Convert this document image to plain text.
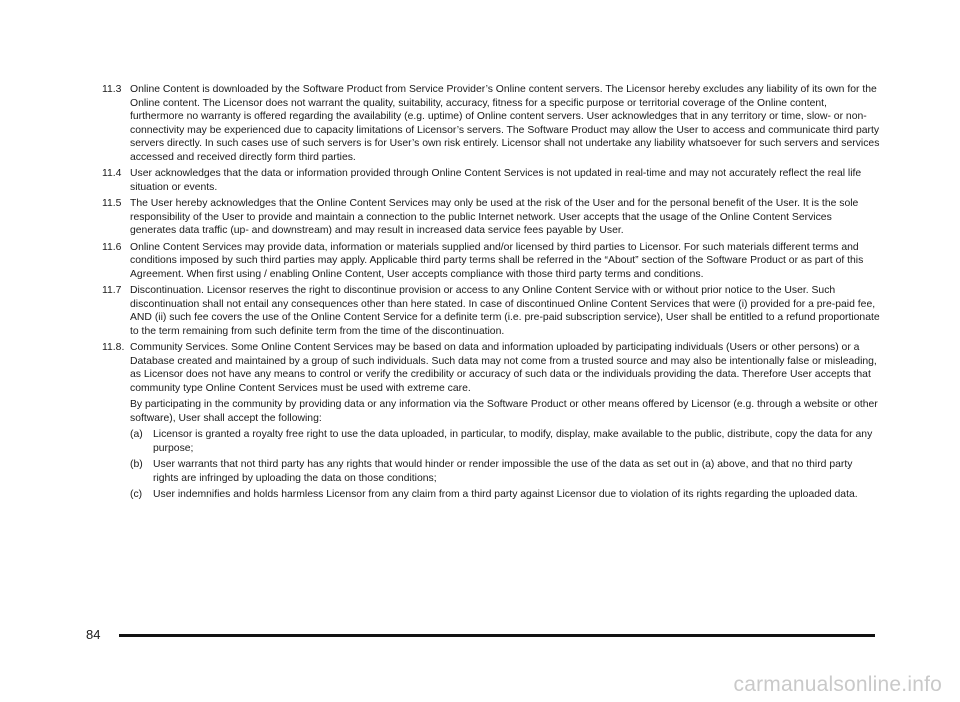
11.3 Online Content is downloaded by the Software Product from Service Provider’s Online content servers. The Licensor hereby excludes any liability of its own for the Online content. The Licensor does not warrant the quality, suitability, accuracy, fitness for a specific purpose or territorial coverage of the Online content, furthermore no warranty is offered regarding the availability (e.g. uptime) of Online content servers. User acknowledges that in any territory or time, slow- or non-connectivity may be experienced due to capacity limitations of Licensor’s servers. The Software Product may allow the User to access and communicate third party servers directly. In such cases use of such servers is for User’s own risk entirely. Licensor shall not undertake any liability whatsoever for such servers and services accessed and received directly form third parties.
11.4 User acknowledges that the data or information provided through Online Content Services is not updated in real-time and may not accurately reflect the real life situation or events.
11.5 The User hereby acknowledges that the Online Content Services may only be used at the risk of the User and for the personal benefit of the User. It is the sole responsibility of the User to provide and maintain a connection to the public Internet network. User accepts that the usage of the Online Content Services generates data traffic (up- and downstream) and may result in increased data service fees payable by User.
11.6 Online Content Services may provide data, information or materials supplied and/or licensed by third parties to Licensor. For such materials different terms and conditions imposed by such third parties may apply. Applicable third party terms shall be referred in the “About” section of the Software Product or as part of this Agreement. When first using / enabling Online Content, User accepts compliance with those third party terms and conditions.
11.7 Discontinuation. Licensor reserves the right to discontinue provision or access to any Online Content Service with or without prior notice to the User. Such discontinuation shall not entail any consequences other than here stated. In case of discontinued Online Content Services that were (i) provided for a pre-paid fee, AND (ii) such fee covers the use of the Online Content Service for a definite term (i.e. pre-paid subscription service), User shall be entitled to a refund proportionate to the term remaining from such definite term from the time of the discontinuation.
11.8. Community Services. Some Online Content Services may be based on data and information uploaded by participating individuals (Users or other persons) or a Database created and maintained by a group of such individuals. Such data may not come from a trusted source and may also be intentionally false or misleading, as Licensor does not have any means to control or verify the credibility or accuracy of such data or the individuals providing the data. Therefore User accepts that community type Online Content Services must be used with extreme care.
By participating in the community by providing data or any information via the Software Product or other means offered by Licensor (e.g. through a website or other software), User shall accept the following:
(a) Licensor is granted a royalty free right to use the data uploaded, in particular, to modify, display, make available to the public, distribute, copy the data for any purpose;
(b) User warrants that not third party has any rights that would hinder or render impossible the use of the data as set out in (a) above, and that no third party rights are infringed by uploading the data on those conditions;
(c) User indemnifies and holds harmless Licensor from any claim from a third party against Licensor due to violation of its rights regarding the uploaded data.
84
carmanualsonline.info
